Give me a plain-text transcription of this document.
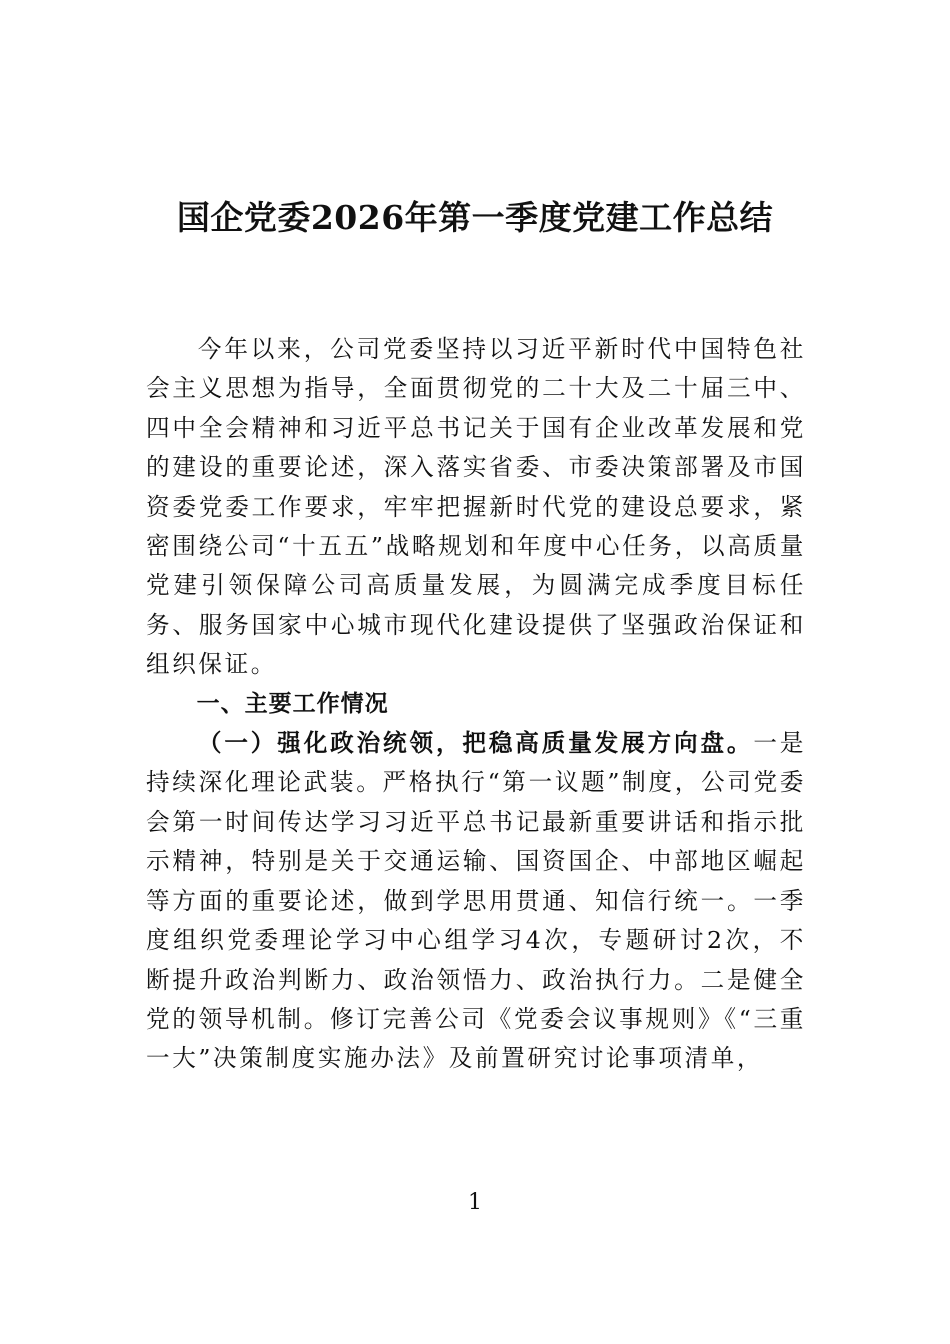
国企党委2026年第一季度党建工作总结

今年以来，公司党委坚持以习近平新时代中国特色社会主义思想为指导，全面贯彻党的二十大及二十届三中、四中全会精神和习近平总书记关于国有企业改革发展和党的建设的重要论述，深入落实省委、市委决策部署及市国资委党委工作要求，牢牢把握新时代党的建设总要求，紧密围绕公司“十五五”战略规划和年度中心任务，以高质量党建引领保障公司高质量发展，为圆满完成季度目标任务、服务国家中心城市现代化建设提供了坚强政治保证和组织保证。

一、主要工作情况

（一）强化政治统领，把稳高质量发展方向盘。一是持续深化理论武装。严格执行“第一议题”制度，公司党委会第一时间传达学习习近平总书记最新重要讲话和指示批示精神，特别是关于交通运输、国资国企、中部地区崛起等方面的重要论述，做到学思用贯通、知信行统一。一季度组织党委理论学习中心组学习4次，专题研讨2次，不断提升政治判断力、政治领悟力、政治执行力。二是健全党的领导机制。修订完善公司《党委会议事规则》《“三重一大”决策制度实施办法》及前置研究讨论事项清单，

1
